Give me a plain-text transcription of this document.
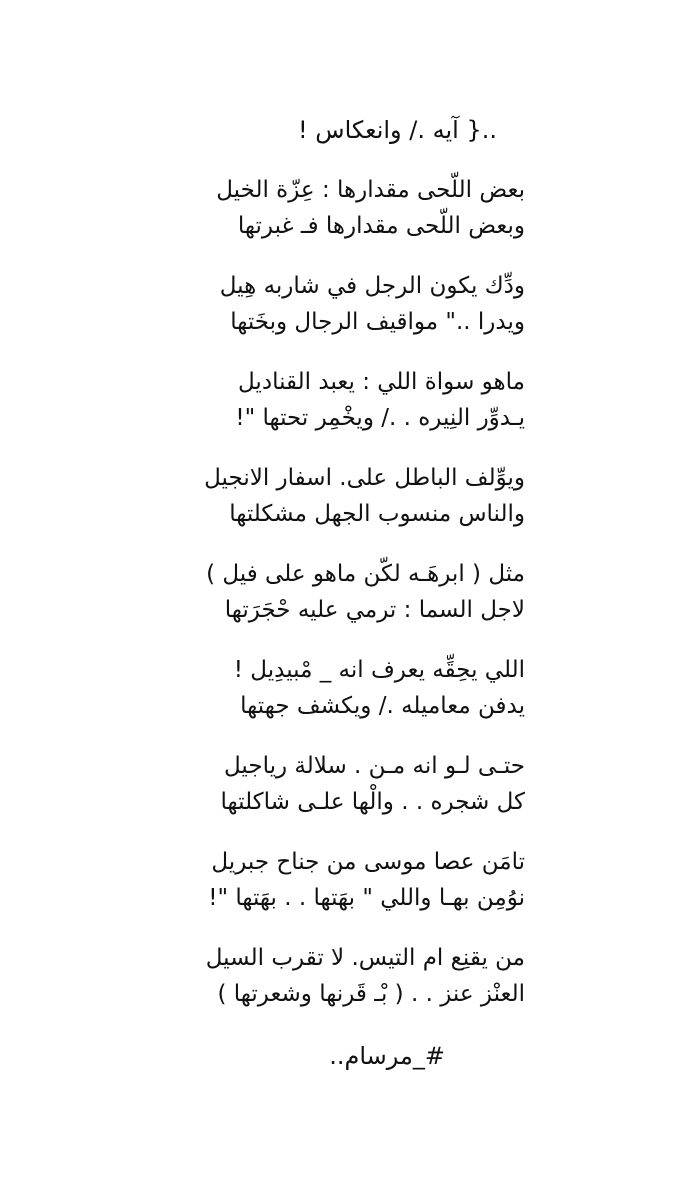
..{ آيه ./ وانعكاس !
بعض اللّحى مقدارها : عِزّة الخيل
وبعض اللّحى مقدارها فـ غبرتها
ودِّك يكون الرجل في شاربه هِيل
ويدرا .." مواقيف الرجال وبخَتها
ماهو سواة اللي : يعبد القناديل
يـدوِّر النِيره . ./ ويخْمِر تحتها "!
ويوِّلف الباطل على. اسفار الانجيل
والناس منسوب الجهل مشكلتها
مثل ( ابرهَـه لكّن ماهو على فيل )
لاجل السما : ترمي عليه حْجَرَتها
اللي يحِقِّه يعرف انه _ مْبيدِيل !
يدفن معاميله ./ ويكشف جهتها
حتـى لـو انه مـن . سلالة رياجيل
كل شجره . . والْها علـى شاكلتها
تامَن عصا موسى من جناح جبريل
نوُمِن بهـا واللي " بهَتها . . بهَتها "!
من يقنِع ام التيس. لا تقرب السيل
العنْز عنز . . ( بْـ قَرنها وشعرتها )
#_مرسام..
